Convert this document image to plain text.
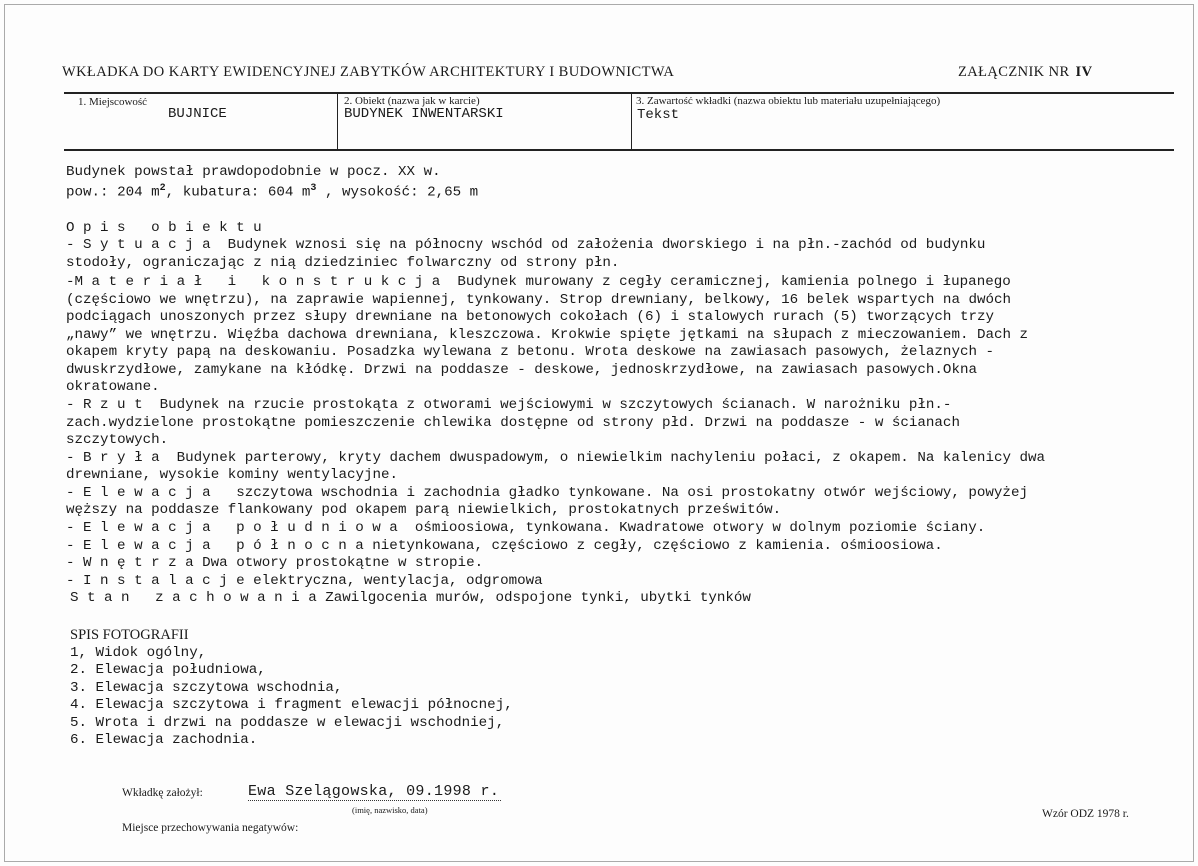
WKŁADKA DO KARTY EWIDENCYJNEJ ZABYTKÓW ARCHITEKTURY I BUDOWNICTWA	ZAŁĄCZNIK NR IV
1. Miejscowość
BUJNICE
2. Obiekt (nazwa jak w karcie)
BUDYNEK INWENTARSKI
3. Zawartość wkładki (nazwa obiektu lub materiału uzupełniającego)
Tekst
Budynek powstał prawdopodobnie w pocz. XX w.
pow.: 204 $m^2$, kubatura: 604 $m^3$ , wysokość: 2,65 m
Opis obiektu
- Sytuacja Budynek wznosi się na północny wschód od założenia dworskiego i na płn.-zachód od budynku
stodoły, ograniczając z nią dziedziniec folwarczny od strony płn.
-Materiał i konstrukcja Budynek murowany z cegły ceramicznej, kamienia polnego i łupanego
(częściowo we wnętrzu), na zaprawie wapiennej, tynkowany. Strop drewniany, belkowy, 16 belek wspartych na dwóch
podciągach unoszonych przez słupy drewniane na betonowych cokołach (6) i stalowych rurach (5) tworzących trzy
„nawy” we wnętrzu. Więźba dachowa drewniana, kleszczowa. Krokwie spięte jętkami na słupach z mieczowaniem. Dach z
okapem kryty papą na deskowaniu. Posadzka wylewana z betonu. Wrota deskowe na zawiasach pasowych, żelaznych -
dwuskrzydłowe, zamykane na kłódkę. Drzwi na poddasze - deskowe, jednoskrzydłowe, na zawiasach pasowych.Okna
okratowane.
- Rzut Budynek na rzucie prostokąta z otworami wejściowymi w szczytowych ścianach. W narożniku płn.-
zach.wydzielone prostokątne pomieszczenie chlewika dostępne od strony płd. Drzwi na poddasze - w ścianach
szczytowych.
- Bryła Budynek parterowy, kryty dachem dwuspadowym, o niewielkim nachyleniu połaci, z okapem. Na kalenicy dwa
drewniane, wysokie kominy wentylacyjne.
- Elewacja szczytowa wschodnia i zachodnia gładko tynkowane. Na osi prostokatny otwór wejściowy, powyżej
węższy na poddasze flankowany pod okapem parą niewielkich, prostokatnych prześwitów.
- Elewacja południowa ośmioosiowa, tynkowana. Kwadratowe otwory w dolnym poziomie ściany.
- Elewacja północnanietynkowana, częściowo z cegły, częściowo z kamienia. ośmioosiowa.
- WnętrzaDwa otwory prostokątne w stropie.
- Instalacjeelektryczna, wentylacja, odgromowa
Stan zachowaniaZawilgocenia murów, odspojone tynki, ubytki tynków
SPIS FOTOGRAFII
1, Widok ogólny,
2. Elewacja południowa,
3. Elewacja szczytowa wschodnia,
4. Elewacja szczytowa i fragment elewacji północnej,
5. Wrota i drzwi na poddasze w elewacji wschodniej,
6. Elewacja zachodnia.
Wkładkę założył:	Ewa Szelągowska, 09.1998 r.
(imię, nazwisko, data)	Wzór ODZ 1978 r.
Miejsce przechowywania negatywów:
